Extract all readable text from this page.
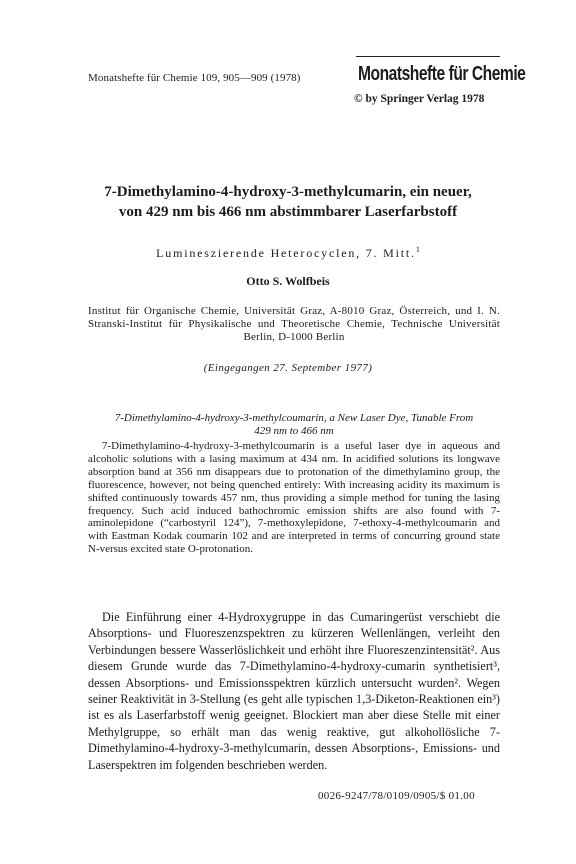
Monatshefte für Chemie 109, 905—909 (1978)	Monatshefte für Chemie
© by Springer Verlag 1978
7-Dimethylamino-4-hydroxy-3-methylcumarin, ein neuer,
von 429 nm bis 466 nm abstimmbarer Laserfarbstoff
Lumineszierende Heterocyclen, 7. Mitt.$^1$
Otto S. Wolfbeis
Institut für Organische Chemie, Universität Graz, A-8010 Graz, Österreich, und I. N. Stranski-Institut für Physikalische und Theoretische Chemie, Technische Universität Berlin, D-1000 Berlin
(Eingegangen 27. September 1977)
7-Dimethylamino-4-hydroxy-3-methylcoumarin, a New Laser Dye, Tunable From
429 nm to 466 nm

7-Dimethylamino-4-hydroxy-3-methylcoumarin is a useful laser dye in aqueous and alcoholic solutions with a lasing maximum at 434 nm. In acidified solutions its longwave absorption band at 356 nm disappears due to protonation of the dimethylamino group, the fluorescence, however, not being quenched entirely: With increasing acidity its maximum is shifted continuously towards 457 nm, thus providing a simple method for tuning the lasing frequency. Such acid induced bathochromic emission shifts are also found with 7-aminolepidone (“carbostyril 124”), 7-methoxylepidone, 7-ethoxy-4-methylcoumarin and with Eastman Kodak coumarin 102 and are interpreted in terms of concurring ground state N-versus excited state O-protonation.

Die Einführung einer 4-Hydroxygruppe in das Cumaringerüst verschiebt die Absorptions- und Fluoreszenzspektren zu kürzeren Wellenlängen, verleiht den Verbindungen bessere Wasserlöslichkeit und erhöht ihre Fluoreszenzintensität². Aus diesem Grunde wurde das 7-Dimethylamino-4-hydroxy-cumarin synthetisiert³, dessen Absorptions- und Emissionsspektren kürzlich untersucht wurden². Wegen seiner Reaktivität in 3-Stellung (es geht alle typischen 1,3-Diketon-Reaktionen ein³) ist es als Laserfarbstoff wenig geeignet. Blockiert man aber diese Stelle mit einer Methylgruppe, so erhält man das wenig reaktive, gut alkohollösliche 7-Dimethylamino-4-hydroxy-3-methylcumarin, dessen Absorptions-, Emissions- und Laserspektren im folgenden beschrieben werden.

0026-9247/78/0109/0905/$ 01.00
